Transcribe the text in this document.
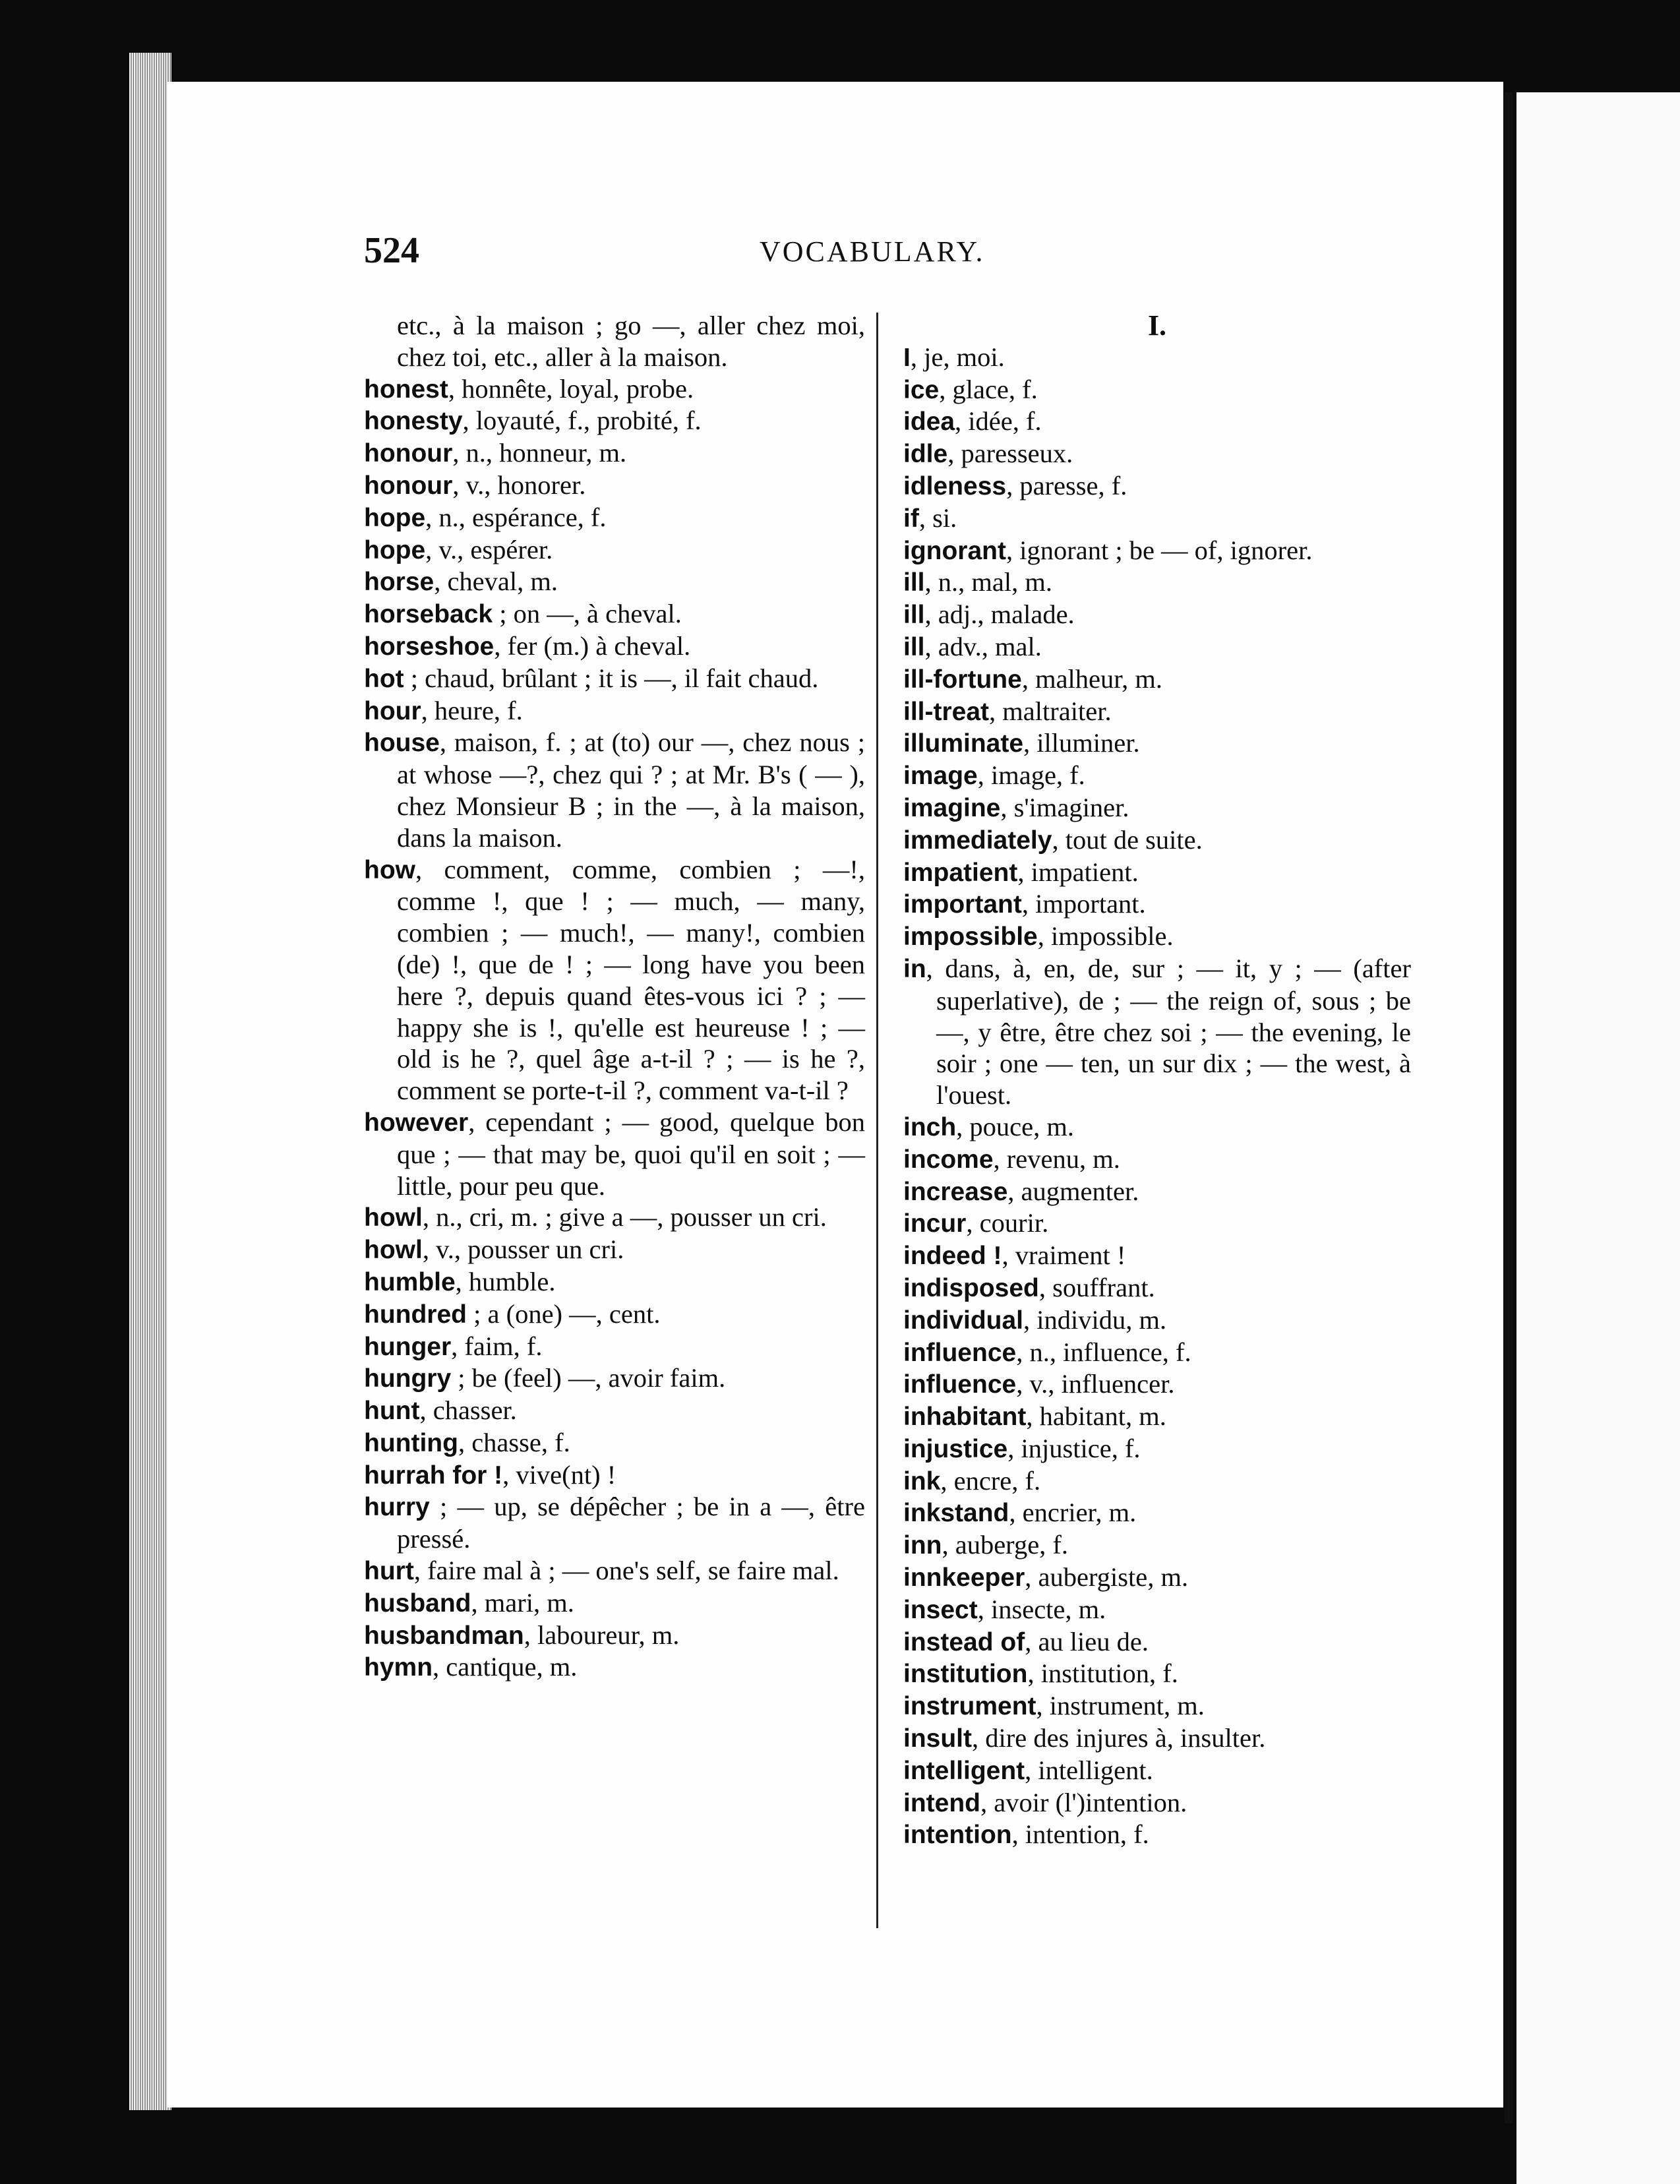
524	VOCABULARY.
etc., à la maison ; go —, aller chez moi, chez toi, etc., aller à la maison.
honest, honnête, loyal, probe.
honesty, loyauté, f., probité, f.
honour, n., honneur, m.
honour, v., honorer.
hope, n., espérance, f.
hope, v., espérer.
horse, cheval, m.
horseback ; on —, à cheval.
horseshoe, fer (m.) à cheval.
hot ; chaud, brûlant ; it is —, il fait chaud.
hour, heure, f.
house, maison, f. ; at (to) our —, chez nous ; at whose —?, chez qui ? ; at Mr. B's ( — ), chez Monsieur B ; in the —, à la maison, dans la maison.
how, comment, comme, combien ; —!, comme !, que ! ; — much, — many, combien ; — much!, — many!, combien (de) !, que de ! ; — long have you been here ?, depuis quand êtes-vous ici ? ; — happy she is !, qu'elle est heureuse ! ; — old is he ?, quel âge a-t-il ? ; — is he ?, comment se porte-t-il ?, comment va-t-il ?
however, cependant ; — good, quelque bon que ; — that may be, quoi qu'il en soit ; — little, pour peu que.
howl, n., cri, m. ; give a —, pousser un cri.
howl, v., pousser un cri.
humble, humble.
hundred ; a (one) —, cent.
hunger, faim, f.
hungry ; be (feel) —, avoir faim.
hunt, chasser.
hunting, chasse, f.
hurrah for !, vive(nt) !
hurry ; — up, se dépêcher ; be in a —, être pressé.
hurt, faire mal à ; — one's self, se faire mal.
husband, mari, m.
husbandman, laboureur, m.
hymn, cantique, m.
I.
I, je, moi.
ice, glace, f.
idea, idée, f.
idle, paresseux.
idleness, paresse, f.
if, si.
ignorant, ignorant ; be — of, ignorer.
ill, n., mal, m.
ill, adj., malade.
ill, adv., mal.
ill-fortune, malheur, m.
ill-treat, maltraiter.
illuminate, illuminer.
image, image, f.
imagine, s'imaginer.
immediately, tout de suite.
impatient, impatient.
important, important.
impossible, impossible.
in, dans, à, en, de, sur ; — it, y ; — (after superlative), de ; — the reign of, sous ; be —, y être, être chez soi ; — the evening, le soir ; one — ten, un sur dix ; — the west, à l'ouest.
inch, pouce, m.
income, revenu, m.
increase, augmenter.
incur, courir.
indeed !, vraiment !
indisposed, souffrant.
individual, individu, m.
influence, n., influence, f.
influence, v., influencer.
inhabitant, habitant, m.
injustice, injustice, f.
ink, encre, f.
inkstand, encrier, m.
inn, auberge, f.
innkeeper, aubergiste, m.
insect, insecte, m.
instead of, au lieu de.
institution, institution, f.
instrument, instrument, m.
insult, dire des injures à, insulter.
intelligent, intelligent.
intend, avoir (l')intention.
intention, intention, f.
